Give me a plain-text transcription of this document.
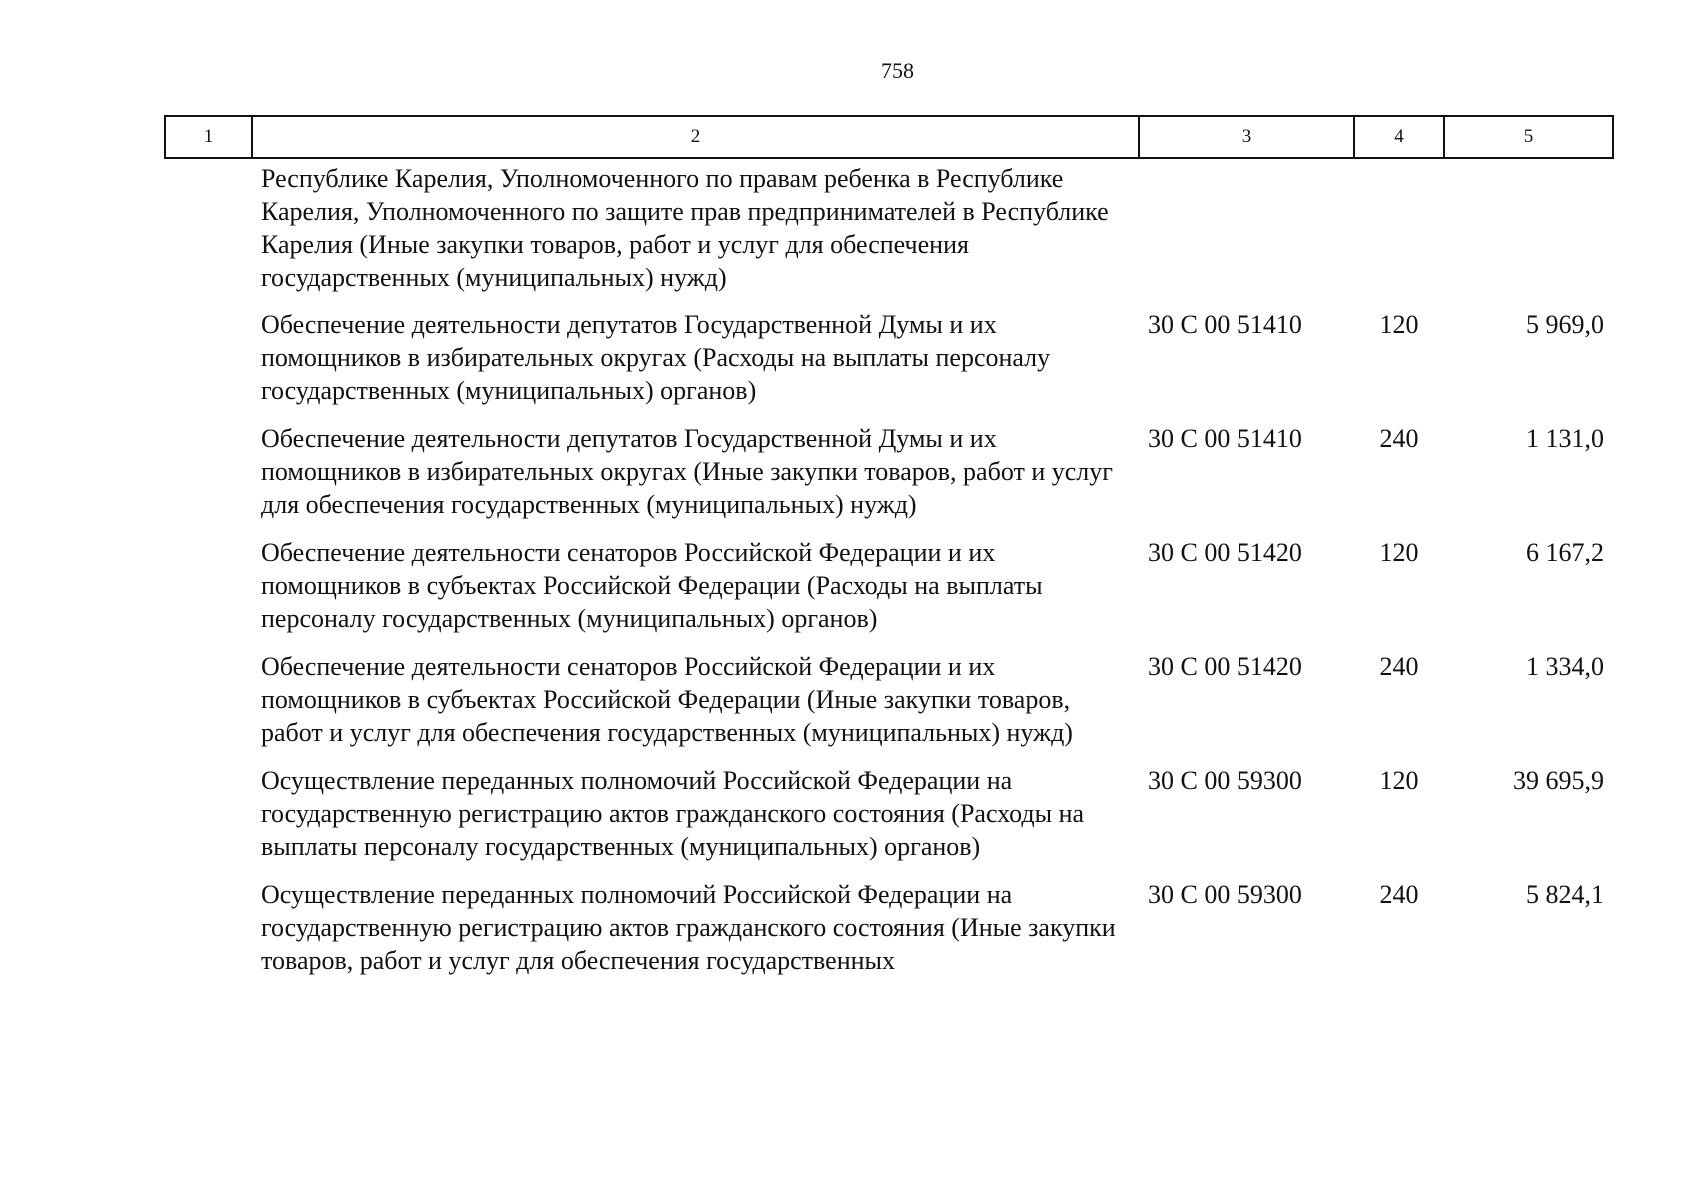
758
1	2	3	4	5
	Республике Карелия, Уполномоченного по правам ребенка в Республике Карелия, Уполномоченного по защите прав предпринимателей в Республике Карелия (Иные закупки товаров, работ и услуг для обеспечения государственных (муниципальных) нужд)			
	Обеспечение деятельности депутатов Государственной Думы и их помощников в избирательных округах (Расходы на выплаты персоналу государственных (муниципальных) органов)	30 С 00 51410	120	5 969,0
	Обеспечение деятельности депутатов Государственной Думы и их помощников в избирательных округах (Иные закупки товаров, работ и услуг для обеспечения государственных (муниципальных) нужд)	30 С 00 51410	240	1 131,0
	Обеспечение деятельности сенаторов Российской Федерации и их помощников в субъектах Российской Федерации (Расходы на выплаты персоналу государственных (муниципальных) органов)	30 С 00 51420	120	6 167,2
	Обеспечение деятельности сенаторов Российской Федерации и их помощников в субъектах Российской Федерации (Иные закупки товаров, работ и услуг для обеспечения государственных (муниципальных) нужд)	30 С 00 51420	240	1 334,0
	Осуществление переданных полномочий Российской Федерации на государственную регистрацию актов гражданского состояния (Расходы на выплаты персоналу государственных (муниципальных) органов)	30 С 00 59300	120	39 695,9
	Осуществление переданных полномочий Российской Федерации на государственную регистрацию актов гражданского состояния (Иные закупки товаров, работ и услуг для обеспечения государственных	30 С 00 59300	240	5 824,1
